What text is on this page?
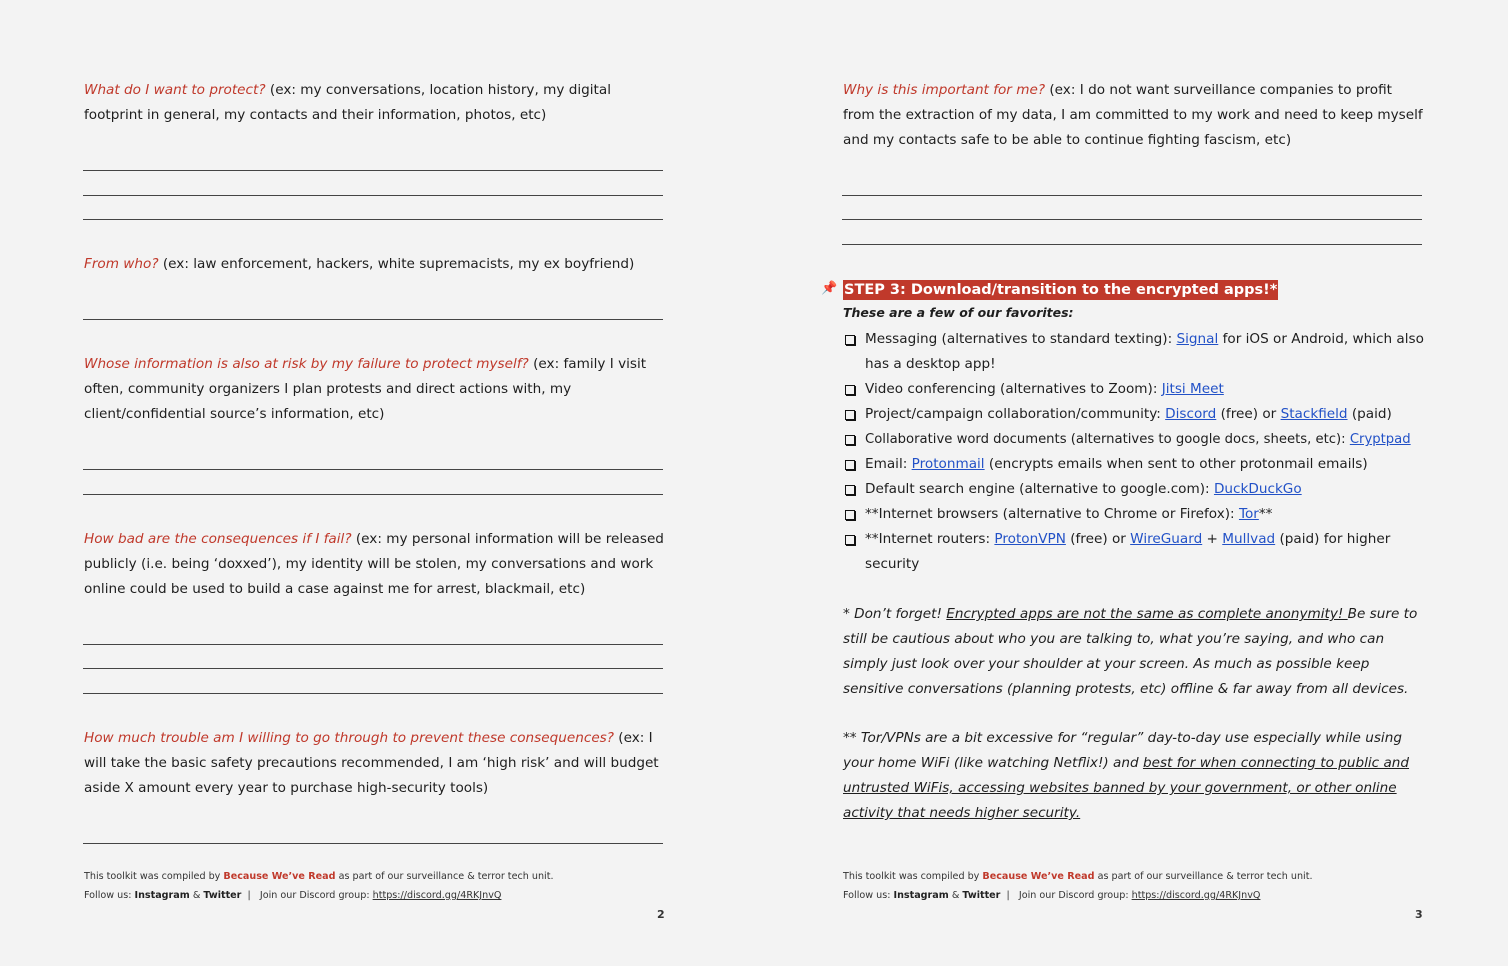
What do I want to protect? (ex: my conversations, location history, my digital footprint in general, my contacts and their information, photos, etc)

From who? (ex: law enforcement, hackers, white supremacists, my ex boyfriend)

Whose information is also at risk by my failure to protect myself? (ex: family I visit often, community organizers I plan protests and direct actions with, my client/confidential source’s information, etc)

How bad are the consequences if I fail? (ex: my personal information will be released publicly (i.e. being ‘doxxed’), my identity will be stolen, my conversations and work online could be used to build a case against me for arrest, blackmail, etc)

How much trouble am I willing to go through to prevent these consequences? (ex: I will take the basic safety precautions recommended, I am ‘high risk’ and will budget aside X amount every year to purchase high-security tools)

This toolkit was compiled by Because We’ve Read as part of our surveillance & terror tech unit.
Follow us: Instagram & Twitter  |   Join our Discord group: https://discord.gg/4RKJnvQ
2

Why is this important for me? (ex: I do not want surveillance companies to profit from the extraction of my data, I am committed to my work and need to keep myself and my contacts safe to be able to continue fighting fascism, etc)

📌 STEP 3: Download/transition to the encrypted apps!*
These are a few of our favorites:
Messaging (alternatives to standard texting): Signal for iOS or Android, which also has a desktop app!
Video conferencing (alternatives to Zoom): Jitsi Meet
Project/campaign collaboration/community: Discord (free) or Stackfield (paid)
Collaborative word documents (alternatives to google docs, sheets, etc): Cryptpad
Email: Protonmail (encrypts emails when sent to other protonmail emails)
Default search engine (alternative to google.com): DuckDuckGo
**Internet browsers (alternative to Chrome or Firefox): Tor**
**Internet routers: ProtonVPN (free) or WireGuard + Mullvad (paid) for higher security

* Don’t forget! Encrypted apps are not the same as complete anonymity! Be sure to still be cautious about who you are talking to, what you’re saying, and who can simply just look over your shoulder at your screen. As much as possible keep sensitive conversations (planning protests, etc) offline & far away from all devices.

** Tor/VPNs are a bit excessive for “regular” day-to-day use especially while using your home WiFi (like watching Netflix!) and best for when connecting to public and untrusted WiFis, accessing websites banned by your government, or other online activity that needs higher security.

This toolkit was compiled by Because We’ve Read as part of our surveillance & terror tech unit.
Follow us: Instagram & Twitter  |   Join our Discord group: https://discord.gg/4RKJnvQ
3
